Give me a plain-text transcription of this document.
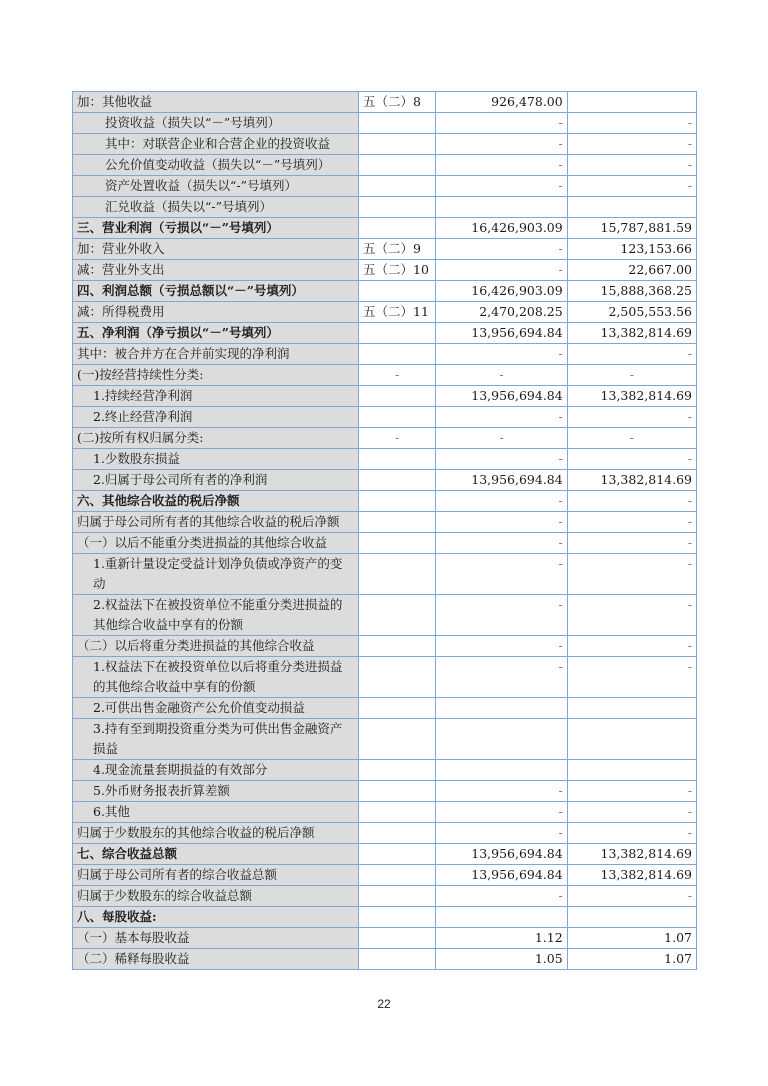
加：其他收益	五（二）8	926,478.00	
投资收益（损失以“－”号填列）		-	-
其中：对联营企业和合营企业的投资收益		-	-
公允价值变动收益（损失以“－”号填列）		-	-
资产处置收益（损失以“-”号填列）		-	-
汇兑收益（损失以“-”号填列）			
三、营业利润（亏损以“－”号填列）		16,426,903.09	15,787,881.59
加：营业外收入	五（二）9	-	123,153.66
减：营业外支出	五（二）10	-	22,667.00
四、利润总额（亏损总额以“－”号填列）		16,426,903.09	15,888,368.25
减：所得税费用	五（二）11	2,470,208.25	2,505,553.56
五、净利润（净亏损以“－”号填列）		13,956,694.84	13,382,814.69
其中：被合并方在合并前实现的净利润		-	-
(一)按经营持续性分类:	-	-	-
1.持续经营净利润		13,956,694.84	13,382,814.69
2.终止经营净利润		-	-
(二)按所有权归属分类:	-	-	-
1.少数股东损益		-	-
2.归属于母公司所有者的净利润		13,956,694.84	13,382,814.69
六、其他综合收益的税后净额		-	-
归属于母公司所有者的其他综合收益的税后净额		-	-
（一）以后不能重分类进损益的其他综合收益		-	-
1.重新计量设定受益计划净负债或净资产的变动		-	-
2.权益法下在被投资单位不能重分类进损益的其他综合收益中享有的份额		-	-
（二）以后将重分类进损益的其他综合收益		-	-
1.权益法下在被投资单位以后将重分类进损益的其他综合收益中享有的份额		-	-
2.可供出售金融资产公允价值变动损益			
3.持有至到期投资重分类为可供出售金融资产损益			
4.现金流量套期损益的有效部分			
5.外币财务报表折算差额		-	-
6.其他		-	-
归属于少数股东的其他综合收益的税后净额		-	-
七、综合收益总额		13,956,694.84	13,382,814.69
归属于母公司所有者的综合收益总额		13,956,694.84	13,382,814.69
归属于少数股东的综合收益总额		-	-
八、每股收益:			
（一）基本每股收益		1.12	1.07
（二）稀释每股收益		1.05	1.07
22
